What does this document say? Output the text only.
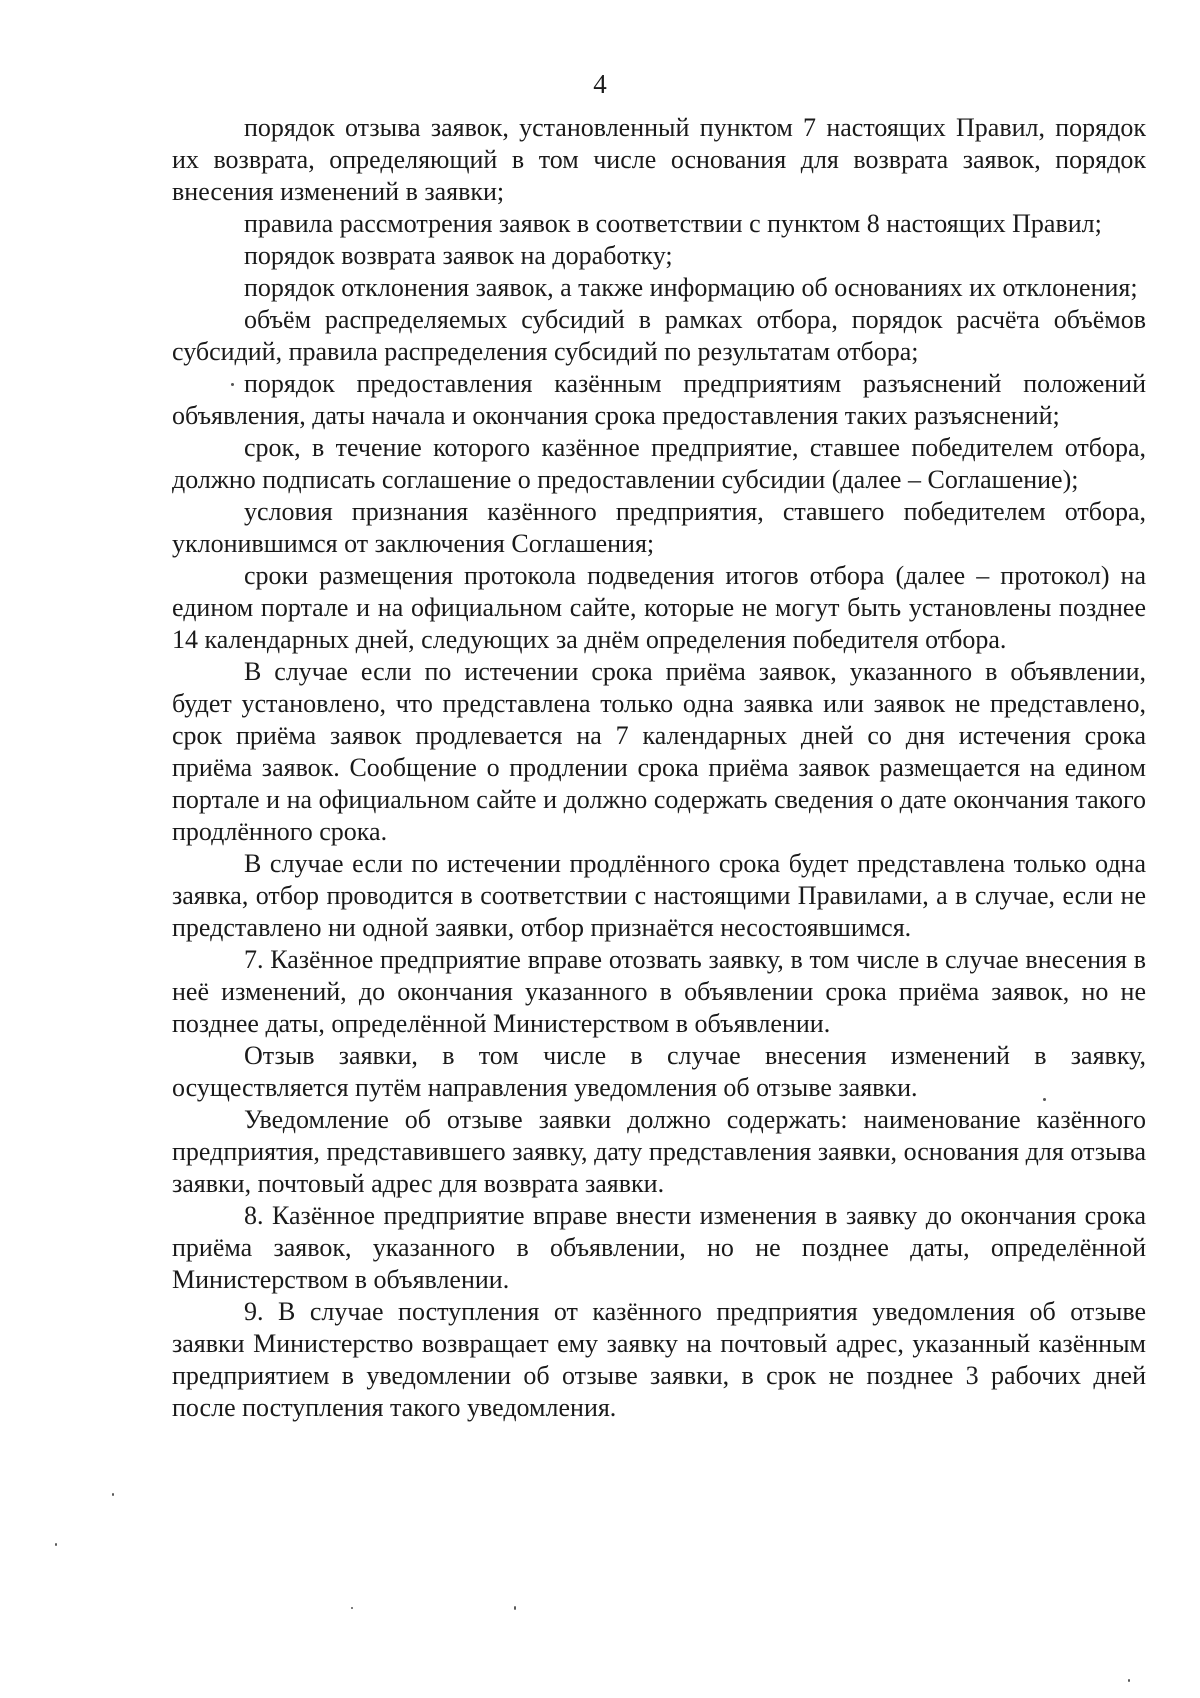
4

порядок отзыва заявок, установленный пунктом 7 настоящих Правил, порядок их возврата, определяющий в том числе основания для возврата заявок, порядок внесения изменений в заявки;

правила рассмотрения заявок в соответствии с пунктом 8 настоящих Правил;

порядок возврата заявок на доработку;

порядок отклонения заявок, а также информацию об основаниях их отклонения;

объём распределяемых субсидий в рамках отбора, порядок расчёта объёмов субсидий, правила распределения субсидий по результатам отбора;

порядок предоставления казённым предприятиям разъяснений положений объявления, даты начала и окончания срока предоставления таких разъяснений;

срок, в течение которого казённое предприятие, ставшее победителем отбора, должно подписать соглашение о предоставлении субсидии (далее – Соглашение);

условия признания казённого предприятия, ставшего победителем отбора, уклонившимся от заключения Соглашения;

сроки размещения протокола подведения итогов отбора (далее – протокол) на едином портале и на официальном сайте, которые не могут быть установлены позднее 14 календарных дней, следующих за днём определения победителя отбора.

В случае если по истечении срока приёма заявок, указанного в объявлении, будет установлено, что представлена только одна заявка или заявок не представлено, срок приёма заявок продлевается на 7 календарных дней со дня истечения срока приёма заявок. Сообщение о продлении срока приёма заявок размещается на едином портале и на официальном сайте и должно содержать сведения о дате окончания такого продлённого срока.

В случае если по истечении продлённого срока будет представлена только одна заявка, отбор проводится в соответствии с настоящими Правилами, а в случае, если не представлено ни одной заявки, отбор признаётся несостоявшимся.

7. Казённое предприятие вправе отозвать заявку, в том числе в случае внесения в неё изменений, до окончания указанного в объявлении срока приёма заявок, но не позднее даты, определённой Министерством в объявлении.

Отзыв заявки, в том числе в случае внесения изменений в заявку, осуществляется путём направления уведомления об отзыве заявки.

Уведомление об отзыве заявки должно содержать: наименование казённого предприятия, представившего заявку, дату представления заявки, основания для отзыва заявки, почтовый адрес для возврата заявки.

8. Казённое предприятие вправе внести изменения в заявку до окончания срока приёма заявок, указанного в объявлении, но не позднее даты, определённой Министерством в объявлении.

9. В случае поступления от казённого предприятия уведомления об отзыве заявки Министерство возвращает ему заявку на почтовый адрес, указанный казённым предприятием в уведомлении об отзыве заявки, в срок не позднее 3 рабочих дней после поступления такого уведомления.
